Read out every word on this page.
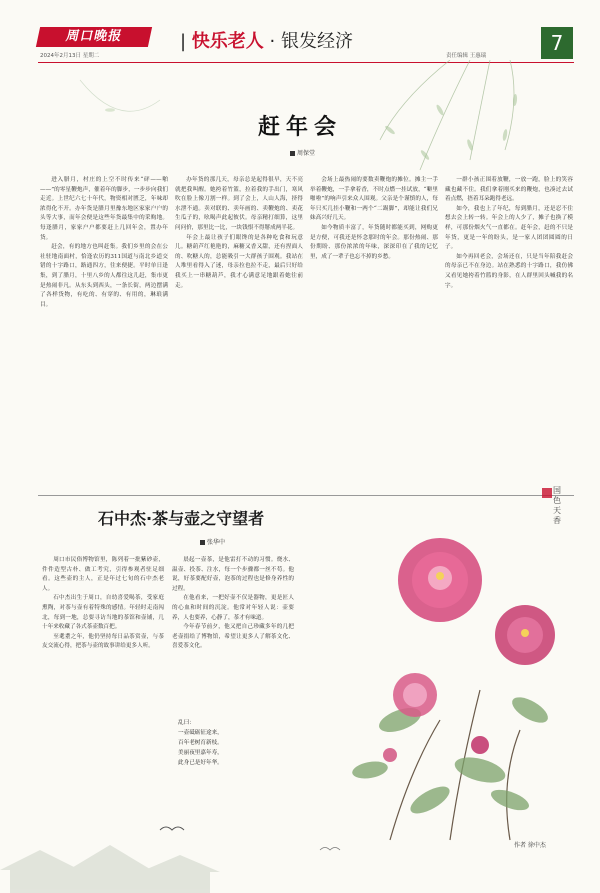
周口晚报	| 快乐老人 · 银发经济	7
2024年2月13日 星期二	责任编辑 王惠瑞
赶年会
周保堂

进入腊月，村庄的上空不时传来“砰——啪——”的零星鞭炮声，催着年的脚步，一步步向我们走近。上世纪六七十年代，物资相对匮乏，年味却浓得化不开。办年货是腊月里豫东地区家家户户的头等大事，而年会便是这些年货最集中的采购地。每逢腊月，家家户户都要赶上几回年会，置办年货。

赶会，有的地方也叫赶集。我们乡里的会在公社驻地南面村，恰逢农历的311国道与南北乡道交错的十字路口，路通四方，往来便捷。平时单日逢集，到了腊月，十里八乡的人都往这儿赶，集市更是热闹非凡。从东头到西头，一条长街，两边摆满了各样货物，有吃的、有穿的、有用的，琳琅满目。

办年货的那几天，母亲总是起得很早，天不亮就把我叫醒。她挎着竹篮，拉着我的手出门，寒风吹在脸上像刀割一样。到了会上，人山人海，挤得水泄不通。卖对联的、卖年画的、卖鞭炮的、卖花生瓜子的，吆喝声此起彼伏。母亲精打细算，这里问问价，那里比一比，一块钱恨不得掰成两半花。

年会上最让孩子们眼馋的是各种吃食和玩意儿。糖葫芦红艳艳的，麻糖又香又甜，还有捏面人的、吹糖人的，总能吸引一大群孩子围观。我站在人堆里看得入了迷，母亲拉也拉不走，最后只好给我买上一串糖葫芦，我才心满意足地跟着她往前走。

会场上最热闹的要数卖鞭炮的摊位。摊主一手举着鞭炮，一手拿着香，不时点燃一挂试放，“噼里啪啦”的响声引来众人围观。父亲是个谨慎的人，每年只买几挂小鞭和一两个“二踢脚”，却能让我们兄妹高兴好几天。

如今物质丰富了，年货随时都能买到，网购更是方便，可我还是怀念那时的年会。那份热闹、那份期盼、那份浓浓的年味，深深印在了我的记忆里，成了一辈子也忘不掉的乡愁。

一群小孩正围着放鞭，一放一跑，脸上的笑容藏也藏不住。我们拿着刚买来的鞭炮，也凑过去试着点燃，捂着耳朵跑得老远。

如今，我也上了年纪，每到腊月，还是忍不住想去会上转一转。年会上的人少了，摊子也换了模样，可那份烟火气一直都在。赶年会，赶的不只是年货，更是一年的盼头，是一家人团团圆圆的日子。

如今再回老会，会场还在，只是当年陪我赶会的母亲已不在身边。站在熟悉的十字路口，我仿佛又看见她挎着竹篮的身影，在人群里回头喊我的名字。

石中杰·茶与壶之守望者
张华中

周口市民俗博物馆里，陈列着一批紫砂壶，件件造型古朴、做工考究，引得参观者驻足细看。这些壶的主人，正是年过七旬的石中杰老人。

石中杰出生于周口，自幼喜爱喝茶，受家庭熏陶，对茶与壶有着特殊的感情。年轻时走南闯北，每到一地，总要寻访当地的茶馆和壶铺，几十年来收藏了各式茶壶数百把。

至耄耋之年，他仍坚持每日品茶赏壶，与茶友交流心得，把茶与壶的故事讲给更多人听。

晨起一壶茶，是他雷打不动的习惯。烧水、温壶、投茶、注水，每一个步骤都一丝不苟。他说，好茶要配好壶，泡茶的过程也是修身养性的过程。

在他看来，一把好壶不仅是器物，更是匠人的心血和时间的沉淀。他常对年轻人说：壶要养，人也要养，心静了，茶才有味道。

今年春节前夕，他又把自己珍藏多年的几把老壶捐给了博物馆，希望让更多人了解茶文化、喜爱茶文化。

乱曰：
一壶砥砺征途来，
百年老树育新枝。
美丽夜里嘉年寿，
此身已是好年华。
国色天香
作者 徐中杰
